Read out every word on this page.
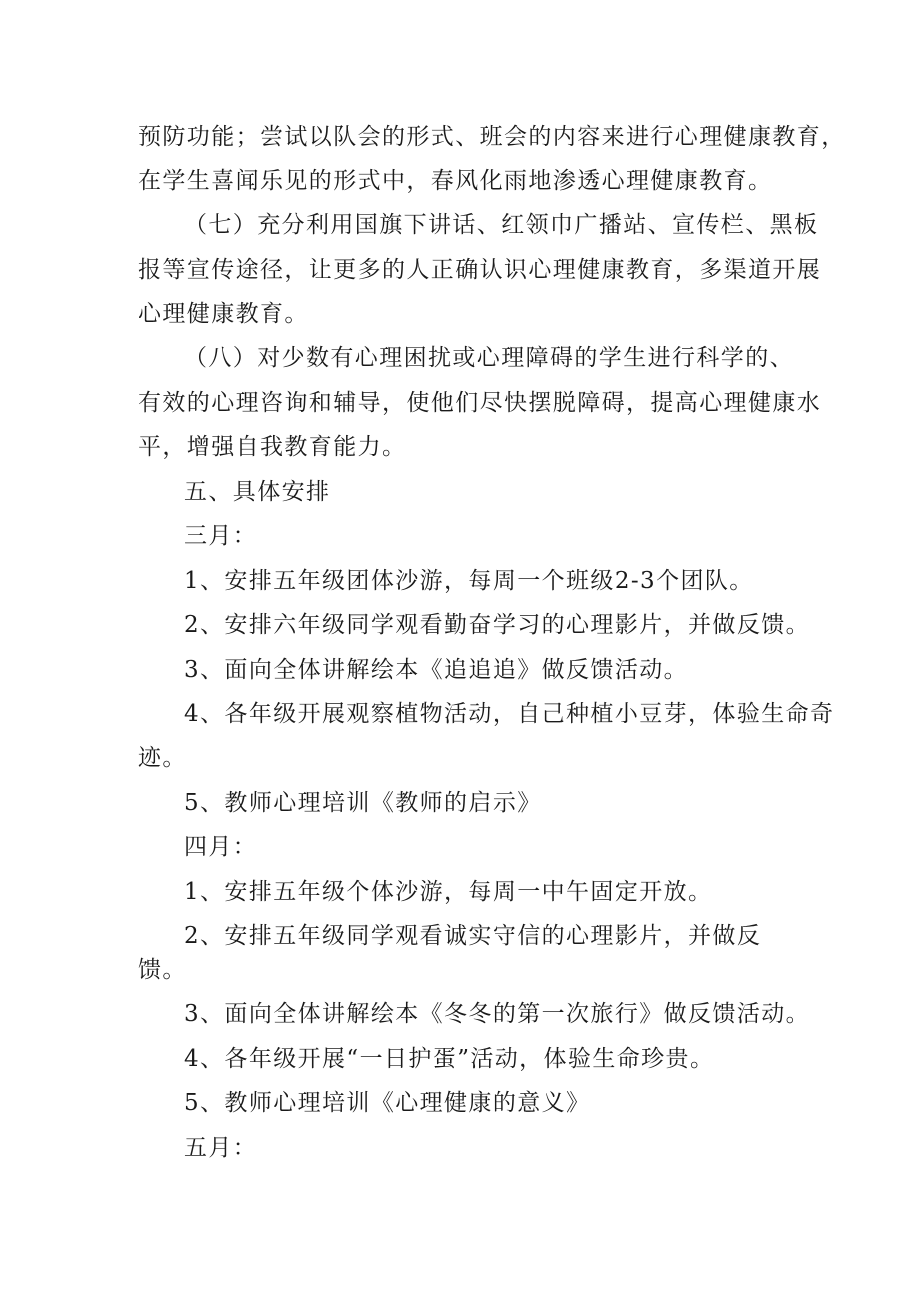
预防功能；尝试以队会的形式、班会的内容来进行心理健康教育，
在学生喜闻乐见的形式中，春风化雨地渗透心理健康教育。
（七）充分利用国旗下讲话、红领巾广播站、宣传栏、黑板
报等宣传途径，让更多的人正确认识心理健康教育，多渠道开展
心理健康教育。
（八）对少数有心理困扰或心理障碍的学生进行科学的、
有效的心理咨询和辅导，使他们尽快摆脱障碍，提高心理健康水
平，增强自我教育能力。
五、具体安排
三月：
1、安排五年级团体沙游，每周一个班级2-3个团队。
2、安排六年级同学观看勤奋学习的心理影片，并做反馈。
3、面向全体讲解绘本《追追追》做反馈活动。
4、各年级开展观察植物活动，自己种植小豆芽，体验生命奇
迹。
5、教师心理培训《教师的启示》
四月：
1、安排五年级个体沙游，每周一中午固定开放。
2、安排五年级同学观看诚实守信的心理影片，并做反
馈。
3、面向全体讲解绘本《冬冬的第一次旅行》做反馈活动。
4、各年级开展“一日护蛋”活动，体验生命珍贵。
5、教师心理培训《心理健康的意义》
五月：
